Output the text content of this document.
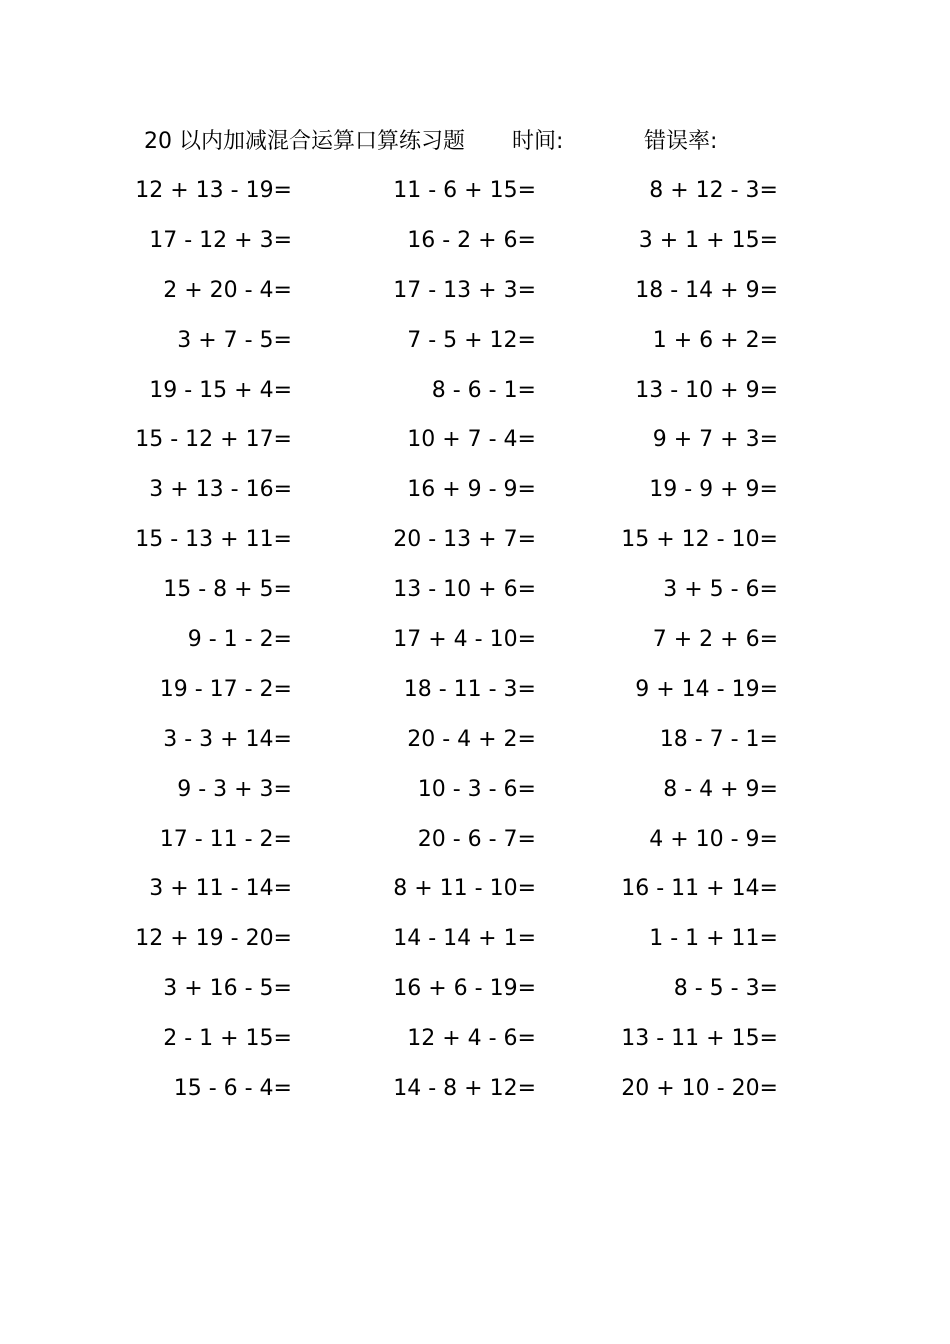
20 以内加减混合运算口算练习题 时间:	错误率:
12 + 13 - 19=	11 - 6 + 15=	8 + 12 - 3=
17 - 12 + 3=	16 - 2 + 6=	3 + 1 + 15=
2 + 20 - 4=	17 - 13 + 3=	18 - 14 + 9=
3 + 7 - 5=	7 - 5 + 12=	1 + 6 + 2=
19 - 15 + 4=	8 - 6 - 1=	13 - 10 + 9=
15 - 12 + 17=	10 + 7 - 4=	9 + 7 + 3=
3 + 13 - 16=	16 + 9 - 9=	19 - 9 + 9=
15 - 13 + 11=	20 - 13 + 7=	15 + 12 - 10=
15 - 8 + 5=	13 - 10 + 6=	3 + 5 - 6=
9 - 1 - 2=	17 + 4 - 10=	7 + 2 + 6=
19 - 17 - 2=	18 - 11 - 3=	9 + 14 - 19=
3 - 3 + 14=	20 - 4 + 2=	18 - 7 - 1=
9 - 3 + 3=	10 - 3 - 6=	8 - 4 + 9=
17 - 11 - 2=	20 - 6 - 7=	4 + 10 - 9=
3 + 11 - 14=	8 + 11 - 10=	16 - 11 + 14=
12 + 19 - 20=	14 - 14 + 1=	1 - 1 + 11=
3 + 16 - 5=	16 + 6 - 19=	8 - 5 - 3=
2 - 1 + 15=	12 + 4 - 6=	13 - 11 + 15=
15 - 6 - 4=	14 - 8 + 12=	20 + 10 - 20=
